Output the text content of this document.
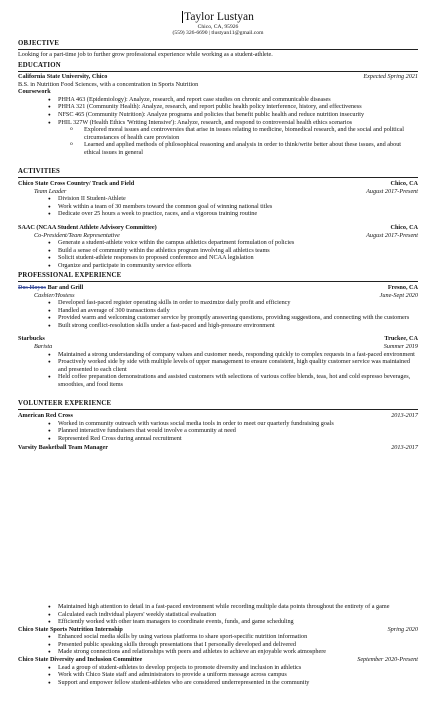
Taylor Lustyan
Chico, CA, 95926
(559) 326-6690 | tlustyan11@gmail.com
OBJECTIVE
Looking for a part-time job to further grow professional experience while working as a student-athlete.
EDUCATION
California State University, Chico	Expected Spring 2021
B.S. in Nutrition Food Sciences, with a concentration in Sports Nutrition
Coursework
● PHHA 463 (Epidemiology): Analyze, research, and report case studies on chronic and communicable diseases
● PHHA 321 (Community Health): Analyze, research, and report public health policy interference, history, and effectiveness
● NFSC 465 (Community Nutrition): Analyze programs and policies that benefit public health and reduce nutrition insecurity
● PHIL 327W (Health Ethics 'Writing Intensive'): Analyze, research, and respond to controversial health ethics scenarios
o Explored moral issues and controversies that arise in issues relating to medicine, biomedical research, and the social and political circumstances of health care provision
o Learned and applied methods of philosophical reasoning and analysis in order to think/write better about these issues, and about ethical issues in general
ACTIVITIES
Chico State Cross Country/ Track and Field	Chico, CA
Team Leader	August 2017-Present
● Division II Student-Athlete
● Work within a team of 30 members toward the common goal of winning national titles
● Dedicate over 25 hours a week to practice, races, and a vigorous training routine
SAAC (NCAA Student Athlete Advisory Committee)	Chico, CA
Co-President/Team Representative	August 2017-Present
● Generate a student-athlete voice within the campus athletics department formulation of policies
● Build a sense of community within the athletics program involving all athletics teams
● Solicit student-athlete responses to proposed conference and NCAA legislation
● Organize and participate in community service efforts
PROFESSIONAL EXPERIENCE
Dos Hoyos Bar and Grill	Fresno, CA
Cashier/Hostess	June-Sept 2020
● Developed fast-paced register operating skills in order to maximize daily profit and efficiency
● Handled an average of 300 transactions daily
● Provided warm and welcoming customer service by promptly answering questions, providing suggestions, and connecting with the customers
● Built strong conflict-resolution skills under a fast-paced and high-pressure environment
Starbucks	Truckee, CA
Barista	Summer 2019
● Maintained a strong understanding of company values and customer needs, responding quickly to complex requests in a fast-paced environment
● Proactively worked side by side with multiple levels of upper management to ensure consistent, high quality customer service was maintained and presented to each client
● Held coffee preparation demonstrations and assisted customers with selections of various coffee blends, teas, hot and cold espresso beverages, smoothies, and food items
VOLUNTEER EXPERIENCE
American Red Cross	2013-2017
● Worked in community outreach with various social media tools in order to meet our quarterly fundraising goals
● Planned interactive fundraisers that would involve a community at need
● Represented Red Cross during annual recruitment
Varsity Basketball Team Manager	2013-2017
● Maintained high attention to detail in a fast-paced environment while recording multiple data points throughout the entirety of a game
● Calculated each individual players' weekly statistical evaluation
● Efficiently worked with other team managers to coordinate events, funds, and game scheduling
Chico State Sports Nutrition Internship	Spring 2020
● Enhanced social media skills by using various platforms to share sport-specific nutrition information
● Presented public speaking skills through presentations that I personally developed and delivered
● Made strong connections and relationships with peers and athletes to achieve an enjoyable work atmosphere
Chico State Diversity and Inclusion Committee	September 2020-Present
● Lead a group of student-athletes to develop projects to promote diversity and inclusion in athletics
● Work with Chico State staff and administrators to provide a uniform message across campus
● Support and empower fellow student-athletes who are considered underrepresented in the community
